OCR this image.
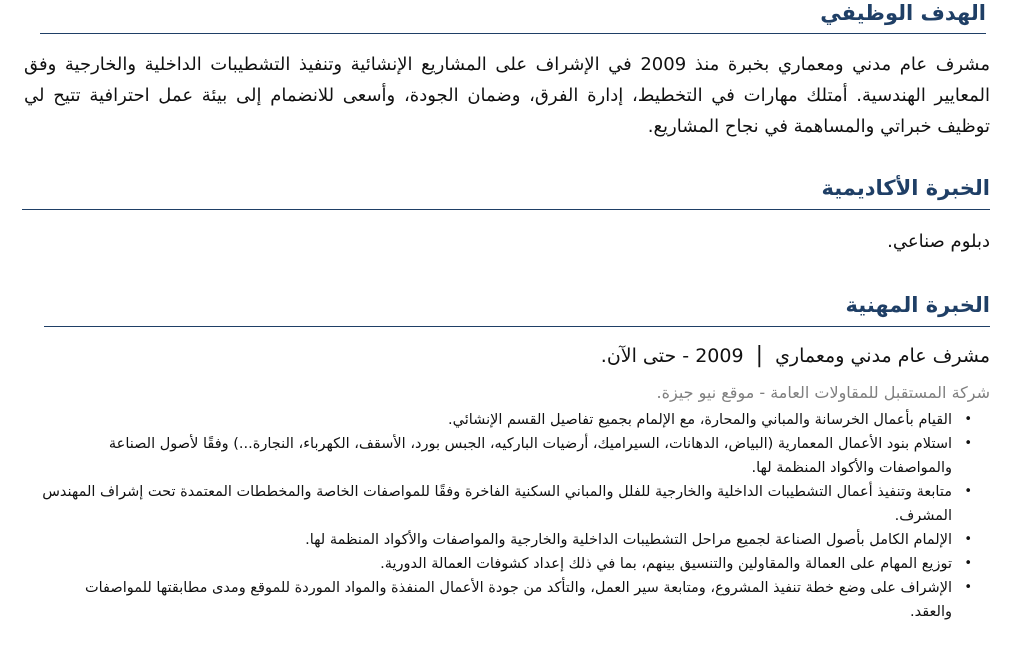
الهدف الوظيفي

مشرف عام مدني ومعماري بخبرة منذ 2009 في الإشراف على المشاريع الإنشائية وتنفيذ التشطيبات الداخلية والخارجية وفق المعايير الهندسية. أمتلك مهارات في التخطيط، إدارة الفرق، وضمان الجودة، وأسعى للانضمام إلى بيئة عمل احترافية تتيح لي توظيف خبراتي والمساهمة في نجاح المشاريع.

الخبرة الأكاديمية

دبلوم صناعي.

الخبرة المهنية

مشرف عام مدني ومعماري | 2009 - حتى الآن.

شركة المستقبل للمقاولات العامة - موقع نيو جيزة.

• القيام بأعمال الخرسانة والمباني والمحارة، مع الإلمام بجميع تفاصيل القسم الإنشائي.
• استلام بنود الأعمال المعمارية (البياض، الدهانات، السيراميك، أرضيات الباركيه، الجبس بورد، الأسقف، الكهرباء، النجارة...) وفقًا لأصول الصناعة والمواصفات والأكواد المنظمة لها.
• متابعة وتنفيذ أعمال التشطيبات الداخلية والخارجية للفلل والمباني السكنية الفاخرة وفقًا للمواصفات الخاصة والمخططات المعتمدة تحت إشراف المهندس المشرف.
• الإلمام الكامل بأصول الصناعة لجميع مراحل التشطيبات الداخلية والخارجية والمواصفات والأكواد المنظمة لها.
• توزيع المهام على العمالة والمقاولين والتنسيق بينهم، بما في ذلك إعداد كشوفات العمالة الدورية.
• الإشراف على وضع خطة تنفيذ المشروع، ومتابعة سير العمل، والتأكد من جودة الأعمال المنفذة والمواد الموردة للموقع ومدى مطابقتها للمواصفات والعقد.
